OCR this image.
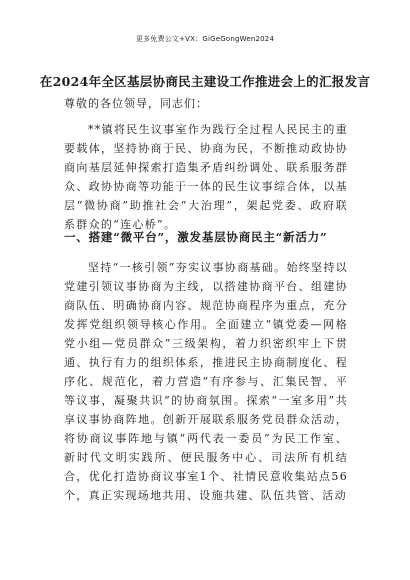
更多免费公文+VX：GiGeGongWen2024
在2024年全区基层协商民主建设工作推进会上的汇报发言
尊敬的各位领导，同志们：

**镇将民生议事室作为践行全过程人民民主的重要载体，坚持协商于民、协商为民，不断推动政协协商向基层延伸探索打造集矛盾纠纷调处、联系服务群众、政协协商等功能于一体的民生议事综合体，以基层“微协商”助推社会“大治理”，架起党委、政府联系群众的“连心桥”。

一、搭建“微平台”，激发基层协商民主“新活力”

坚持“一核引领”夯实议事协商基础。始终坚持以党建引领议事协商为主线，以搭建协商平台、组建协商队伍、明确协商内容、规范协商程序为重点，充分发挥党组织领导核心作用。全面建立“镇党委—网格党小组—党员群众”三级架构，着力织密织牢上下贯通、执行有力的组织体系，推进民主协商制度化、程序化、规范化，着力营造“有序参与、汇集民智、平等议事，凝聚共识”的协商氛围。探索“一室多用”共享议事协商阵地。创新开展联系服务党员群众活动，将协商议事阵地与镇“两代表一委员”为民工作室、新时代文明实践所、便民服务中心、司法所有机结合，优化打造协商议事室1个、社情民意收集站点56个，真正实现场地共用、设施共建、队伍共管、活动
